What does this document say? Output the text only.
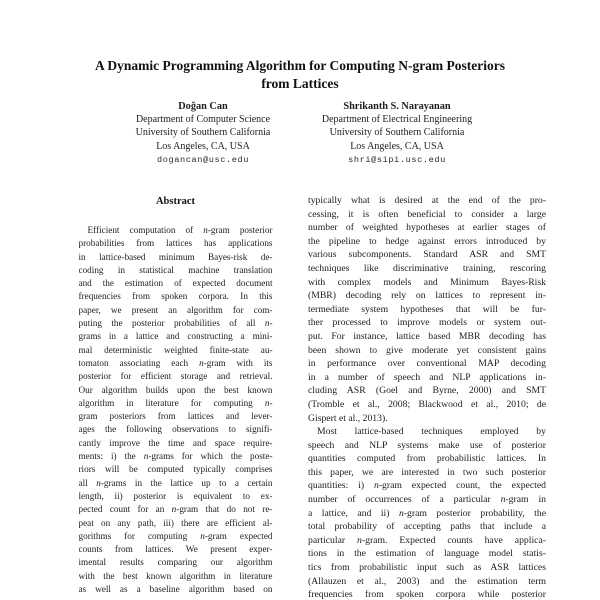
A Dynamic Programming Algorithm for Computing N-gram Posteriors
from Lattices
Doğan Can
Department of Computer Science
University of Southern California
Los Angeles, CA, USA
dogancan@usc.edu
Shrikanth S. Narayanan
Department of Electrical Engineering
University of Southern California
Los Angeles, CA, USA
shri@sipi.usc.edu
Abstract
Efficient computation of n-gram posterior
probabilities from lattices has applications
in lattice-based minimum Bayes-risk de-
coding in statistical machine translation
and the estimation of expected document
frequencies from spoken corpora. In this
paper, we present an algorithm for com-
puting the posterior probabilities of all n-
grams in a lattice and constructing a mini-
mal deterministic weighted finite-state au-
tomaton associating each n-gram with its
posterior for efficient storage and retrieval.
Our algorithm builds upon the best known
algorithm in literature for computing n-
gram posteriors from lattices and lever-
ages the following observations to signifi-
cantly improve the time and space require-
ments: i) the n-grams for which the poste-
riors will be computed typically comprises
all n-grams in the lattice up to a certain
length, ii) posterior is equivalent to ex-
pected count for an n-gram that do not re-
peat on any path, iii) there are efficient al-
gorithms for computing n-gram expected
counts from lattices. We present exper-
imental results comparing our algorithm
with the best known algorithm in literature
as well as a baseline algorithm based on
typically what is desired at the end of the pro-
cessing, it is often beneficial to consider a large
number of weighted hypotheses at earlier stages of
the pipeline to hedge against errors introduced by
various subcomponents. Standard ASR and SMT
techniques like discriminative training, rescoring
with complex models and Minimum Bayes-Risk
(MBR) decoding rely on lattices to represent in-
termediate system hypotheses that will be fur-
ther processed to improve models or system out-
put. For instance, lattice based MBR decoding has
been shown to give moderate yet consistent gains
in performance over conventional MAP decoding
in a number of speech and NLP applications in-
cluding ASR (Goel and Byrne, 2000) and SMT
(Tromble et al., 2008; Blackwood et al., 2010; de
Gispert et al., 2013).
Most lattice-based techniques employed by
speech and NLP systems make use of posterior
quantities computed from probabilistic lattices. In
this paper, we are interested in two such posterior
quantities: i) n-gram expected count, the expected
number of occurrences of a particular n-gram in
a lattice, and ii) n-gram posterior probability, the
total probability of accepting paths that include a
particular n-gram. Expected counts have applica-
tions in the estimation of language model statis-
tics from probabilistic input such as ASR lattices
(Allauzen et al., 2003) and the estimation term
frequencies from spoken corpora while posterior
